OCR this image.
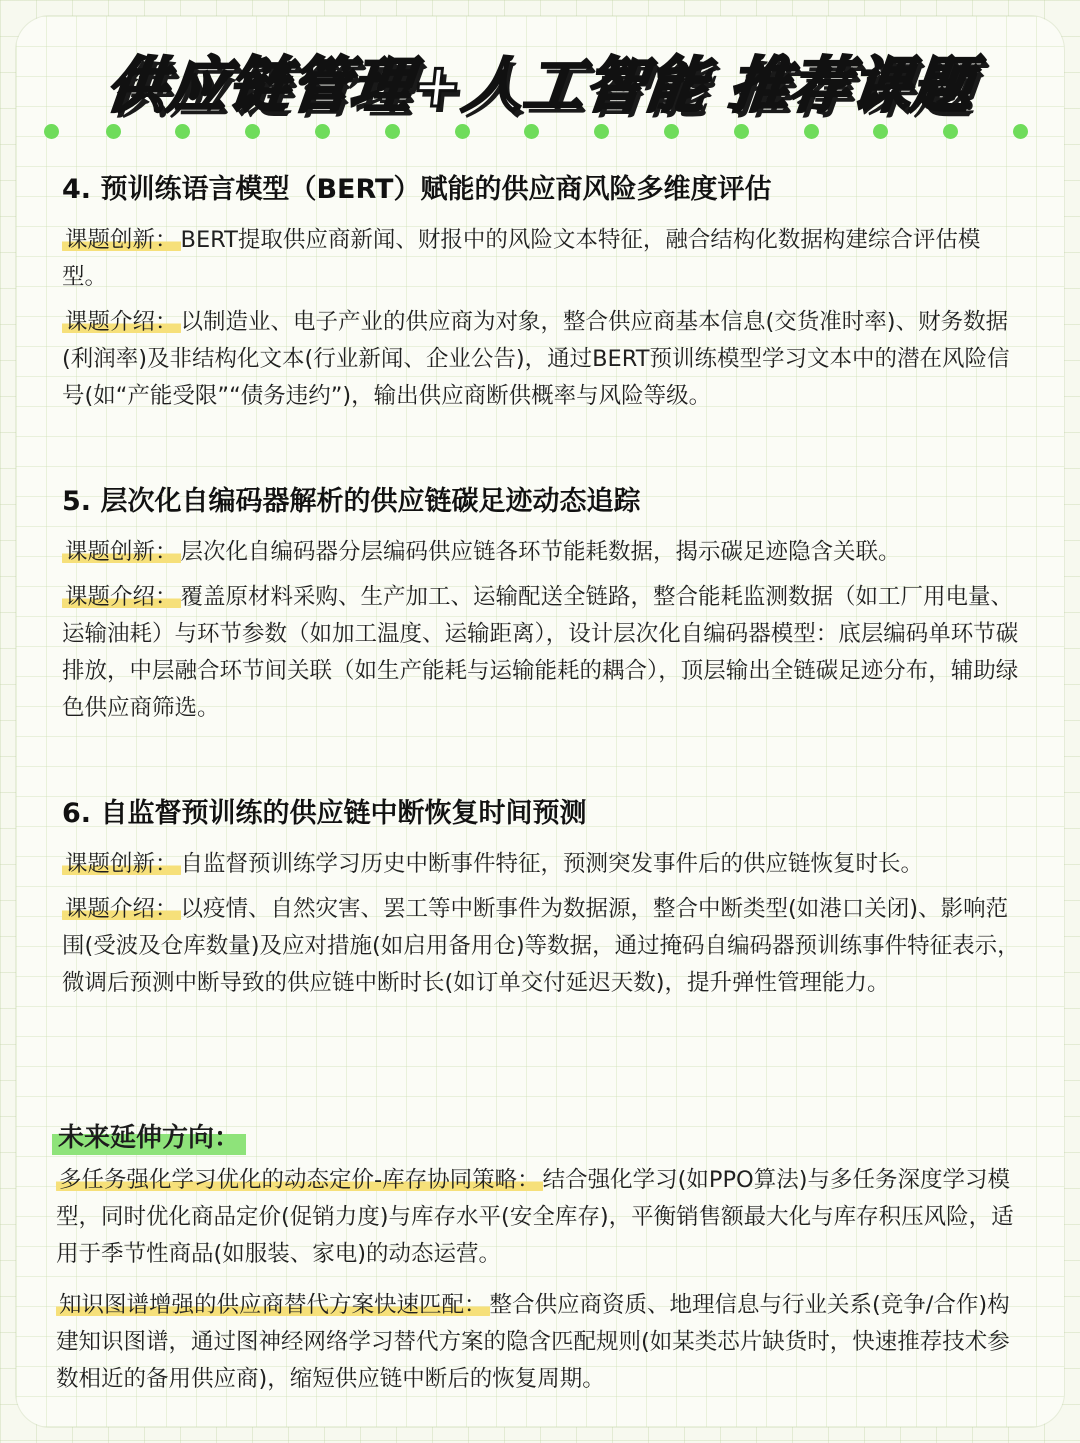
供应链管理+人工智能 推荐课题
4. 预训练语言模型（BERT）赋能的供应商风险多维度评估

课题创新： BERT提取供应商新闻、财报中的风险文本特征，融合结构化数据构建综合评估模型。

课题介绍： 以制造业、电子产业的供应商为对象，整合供应商基本信息(交货准时率)、财务数据(利润率)及非结构化文本(行业新闻、企业公告)，通过BERT预训练模型学习文本中的潜在风险信号(如“产能受限”“债务违约”)，输出供应商断供概率与风险等级。

5. 层次化自编码器解析的供应链碳足迹动态追踪

课题创新： 层次化自编码器分层编码供应链各环节能耗数据，揭示碳足迹隐含关联。

课题介绍： 覆盖原材料采购、生产加工、运输配送全链路，整合能耗监测数据（如工厂用电量、运输油耗）与环节参数（如加工温度、运输距离），设计层次化自编码器模型：底层编码单环节碳排放，中层融合环节间关联（如生产能耗与运输能耗的耦合），顶层输出全链碳足迹分布，辅助绿色供应商筛选。

6. 自监督预训练的供应链中断恢复时间预测

课题创新： 自监督预训练学习历史中断事件特征，预测突发事件后的供应链恢复时长。

课题介绍： 以疫情、自然灾害、罢工等中断事件为数据源，整合中断类型(如港口关闭)、影响范围(受波及仓库数量)及应对措施(如启用备用仓)等数据，通过掩码自编码器预训练事件特征表示，微调后预测中断导致的供应链中断时长(如订单交付延迟天数)，提升弹性管理能力。

未来延伸方向：

多任务强化学习优化的动态定价-库存协同策略： 结合强化学习(如PPO算法)与多任务深度学习模型，同时优化商品定价(促销力度)与库存水平(安全库存)，平衡销售额最大化与库存积压风险，适用于季节性商品(如服装、家电)的动态运营。

知识图谱增强的供应商替代方案快速匹配： 整合供应商资质、地理信息与行业关系(竞争/合作)构建知识图谱，通过图神经网络学习替代方案的隐含匹配规则(如某类芯片缺货时，快速推荐技术参数相近的备用供应商)，缩短供应链中断后的恢复周期。
